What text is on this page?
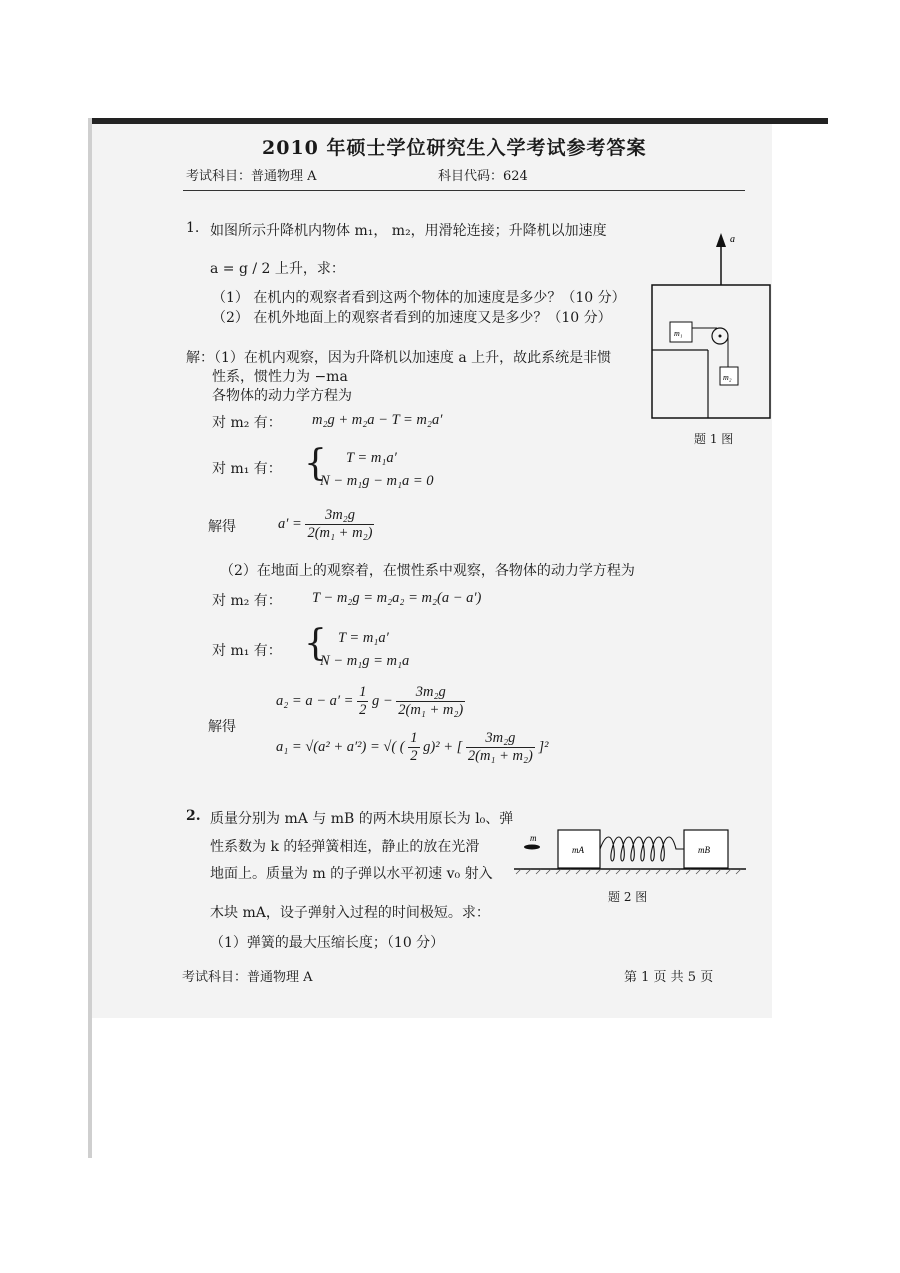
2010 年硕士学位研究生入学考试参考答案
考试科目：普通物理 A	科目代码：624
1. 如图所示升降机内物体 m₁， m₂，用滑轮连接；升降机以加速度
a = g / 2 上升，求：
（1） 在机内的观察者看到这两个物体的加速度是多少？（10 分）
（2） 在机外地面上的观察者看到的加速度又是多少？（10 分）
a
m₁
m₂
题 1 图
解：（1）在机内观察，因为升降机以加速度 a 上升，故此系统是非惯
性系，惯性力为 −ma
各物体的动力学方程为
对 m₂ 有： m₂g + m₂a − T = m₂a′
对 m₁ 有： { T = m₁a′
N − m₁g − m₁a = 0
解得	$a' = \frac{\text{3m₂g}}{\text{2(m₁ + m₂)}}$
（2）在地面上的观察着，在惯性系中观察，各物体的动力学方程为
对 m₂ 有： T − m₂g = m₂a₂ = m₂(a − a′)
对 m₁ 有： { T = m₁a′
N − m₁g = m₁a
$a_2 = a - a' = \frac{1}{2}$ $g - \frac{\text{3m₂g}}{\text{2(m₁ + m₂)}}$
解得
a₁ = √(a² + a′²) = √( ( $\frac{1}{2} g)^2$ + [ $\frac{\text{3m₂g}}{\text{2(m₁ + m₂)}} ]^2$
2. 质量分别为 mA 与 mB 的两木块用原长为 l₀、弹
性系数为 k 的轻弹簧相连，静止的放在光滑
地面上。质量为 m 的子弹以水平初速 v₀ 射入
木块 mA，设子弹射入过程的时间极短。求：
（1）弹簧的最大压缩长度；（10 分）
m
mA	mB
题 2 图
考试科目：普通物理 A	第 1 页 共 5 页
